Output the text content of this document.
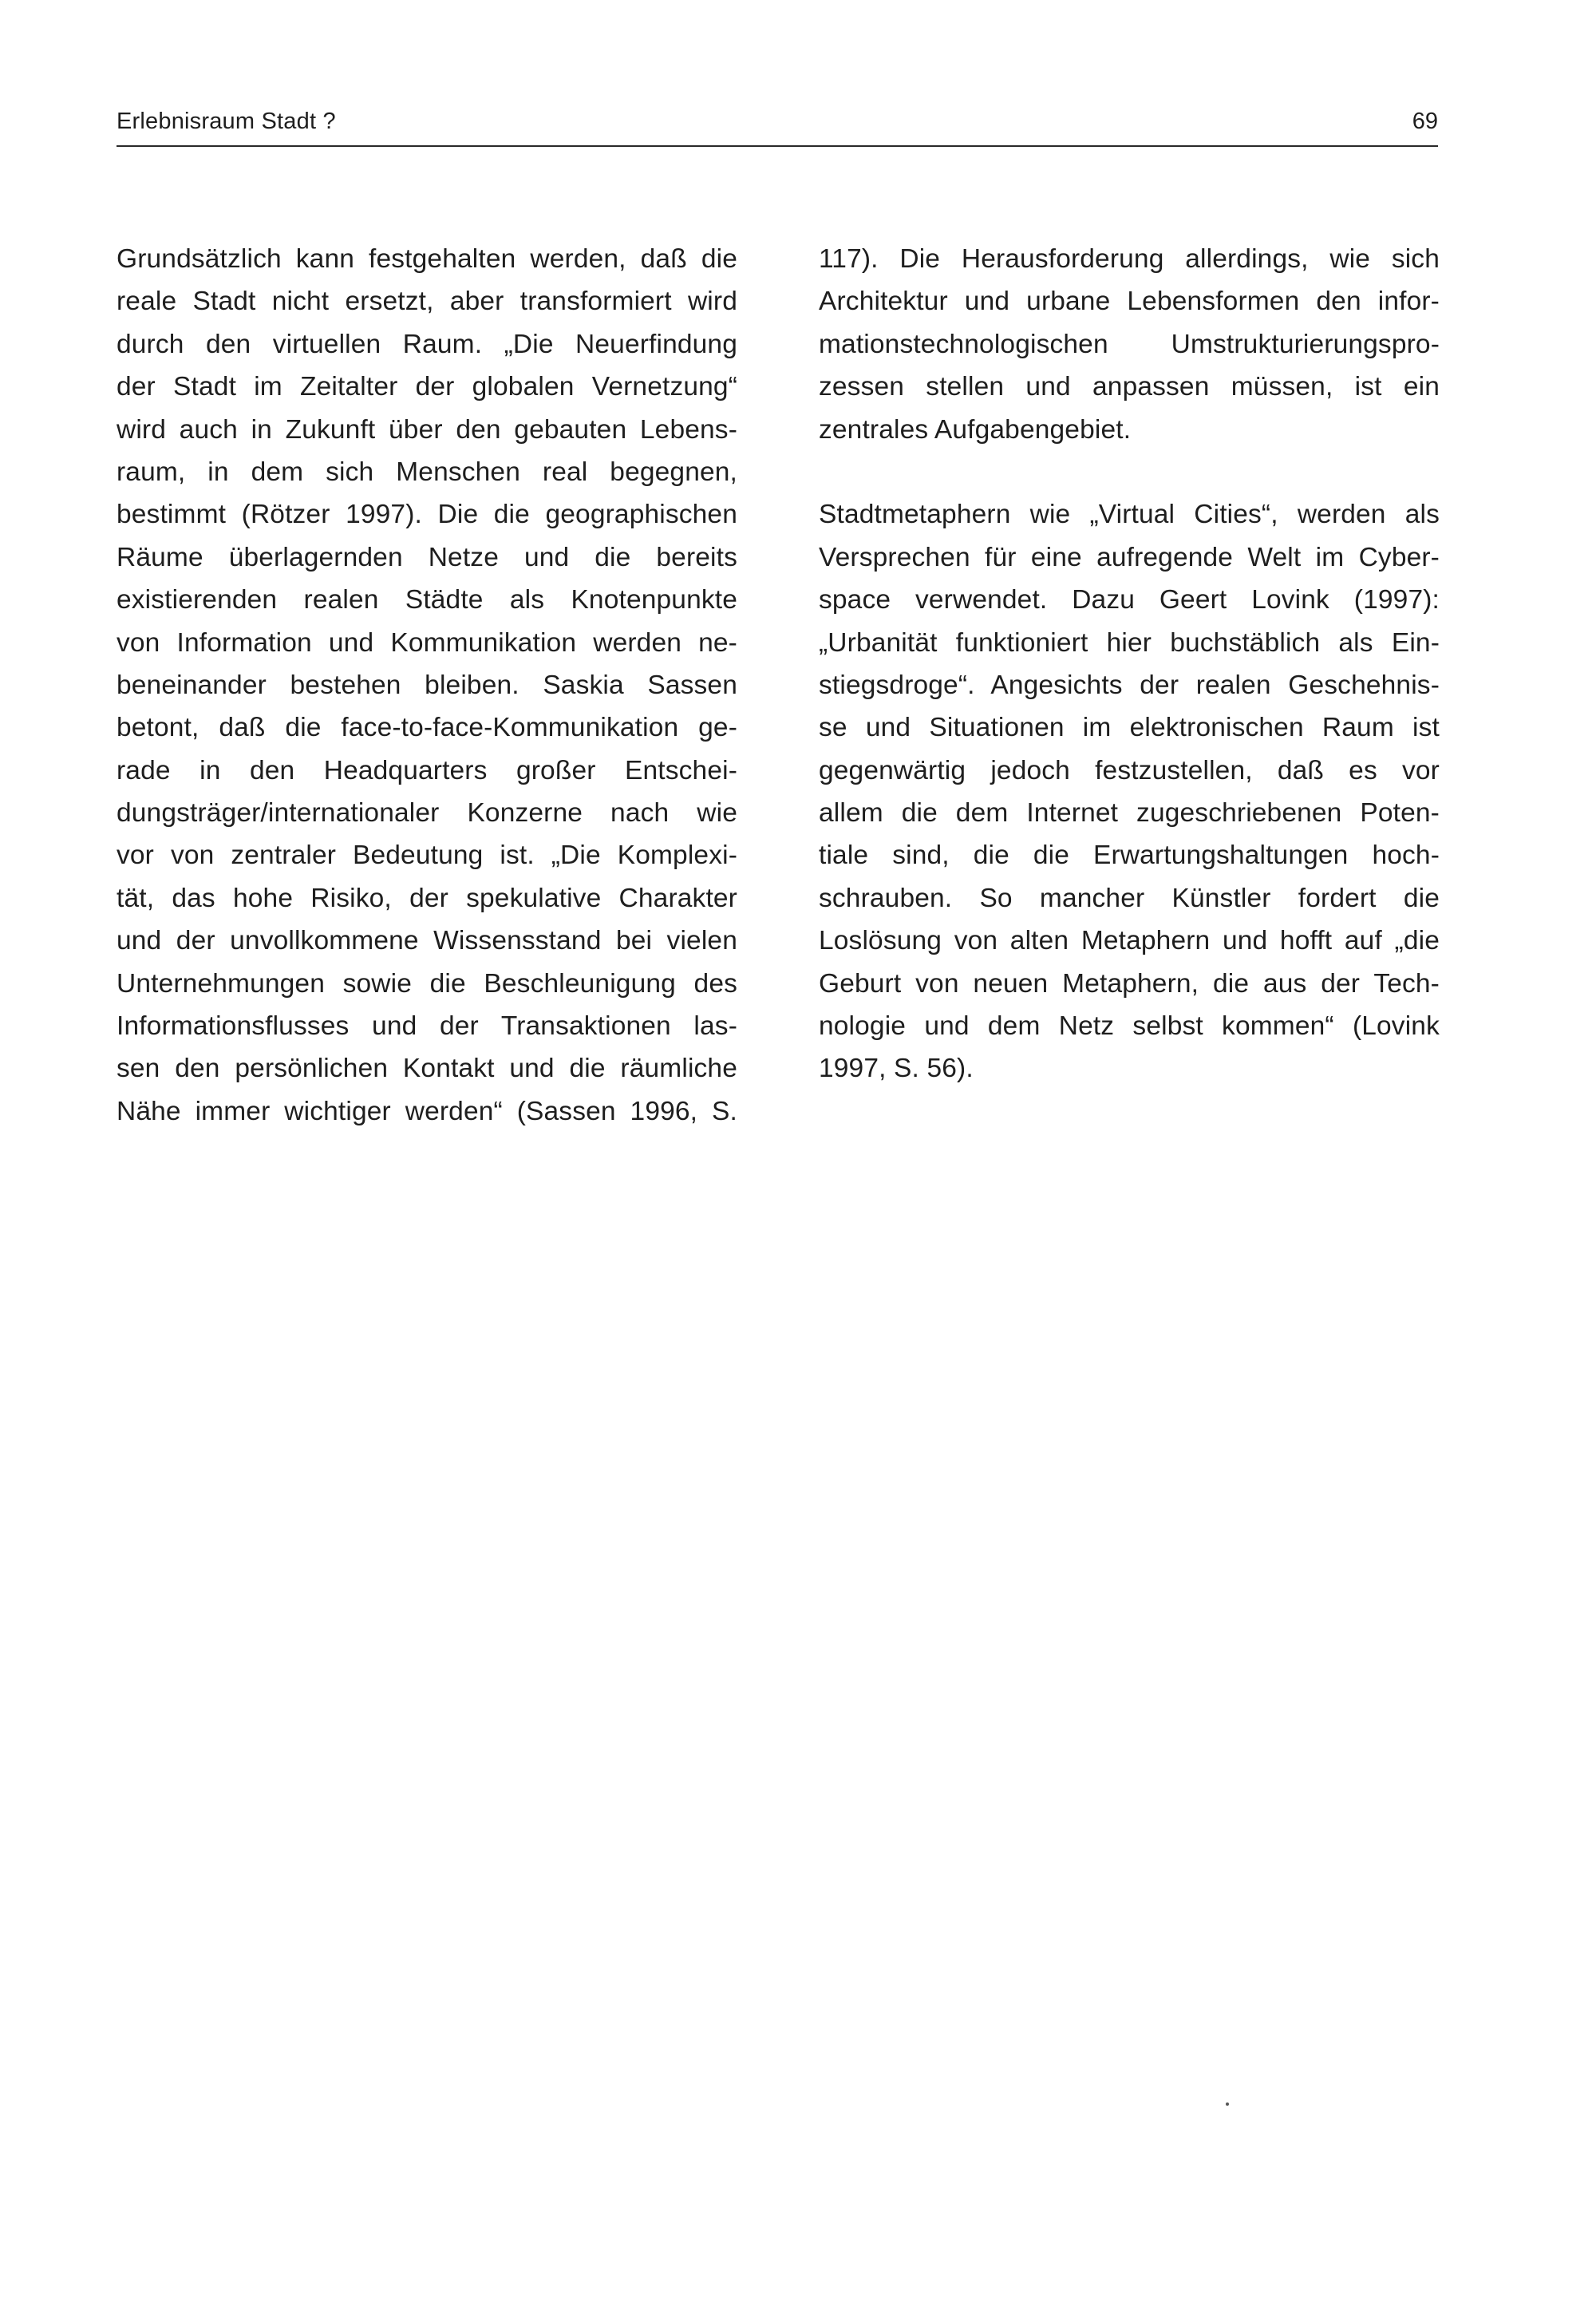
Erlebnisraum Stadt ?	69
Grundsätzlich kann festgehalten werden, daß die
reale Stadt nicht ersetzt, aber transformiert wird
durch den virtuellen Raum. „Die Neuerfindung
der Stadt im Zeitalter der globalen Vernetzung“
wird auch in Zukunft über den gebauten Lebens-
raum, in dem sich Menschen real begegnen,
bestimmt (Rötzer 1997). Die die geographischen
Räume überlagernden Netze und die bereits
existierenden realen Städte als Knotenpunkte
von Information und Kommunikation werden ne-
beneinander bestehen bleiben. Saskia Sassen
betont, daß die face-to-face-Kommunikation ge-
rade in den Headquarters großer Entschei-
dungsträger/internationaler Konzerne nach wie
vor von zentraler Bedeutung ist. „Die Komplexi-
tät, das hohe Risiko, der spekulative Charakter
und der unvollkommene Wissensstand bei vielen
Unternehmungen sowie die Beschleunigung des
Informationsflusses und der Transaktionen las-
sen den persönlichen Kontakt und die räumliche
Nähe immer wichtiger werden“ (Sassen 1996, S.
117). Die Herausforderung allerdings, wie sich
Architektur und urbane Lebensformen den infor-
mationstechnologischen Umstrukturierungspro-
zessen stellen und anpassen müssen, ist ein
zentrales Aufgabengebiet.
Stadtmetaphern wie „Virtual Cities“, werden als
Versprechen für eine aufregende Welt im Cyber-
space verwendet. Dazu Geert Lovink (1997):
„Urbanität funktioniert hier buchstäblich als Ein-
stiegsdroge“. Angesichts der realen Geschehnis-
se und Situationen im elektronischen Raum ist
gegenwärtig jedoch festzustellen, daß es vor
allem die dem Internet zugeschriebenen Poten-
tiale sind, die die Erwartungshaltungen hoch-
schrauben. So mancher Künstler fordert die
Loslösung von alten Metaphern und hofft auf „die
Geburt von neuen Metaphern, die aus der Tech-
nologie und dem Netz selbst kommen“ (Lovink
1997, S. 56).
